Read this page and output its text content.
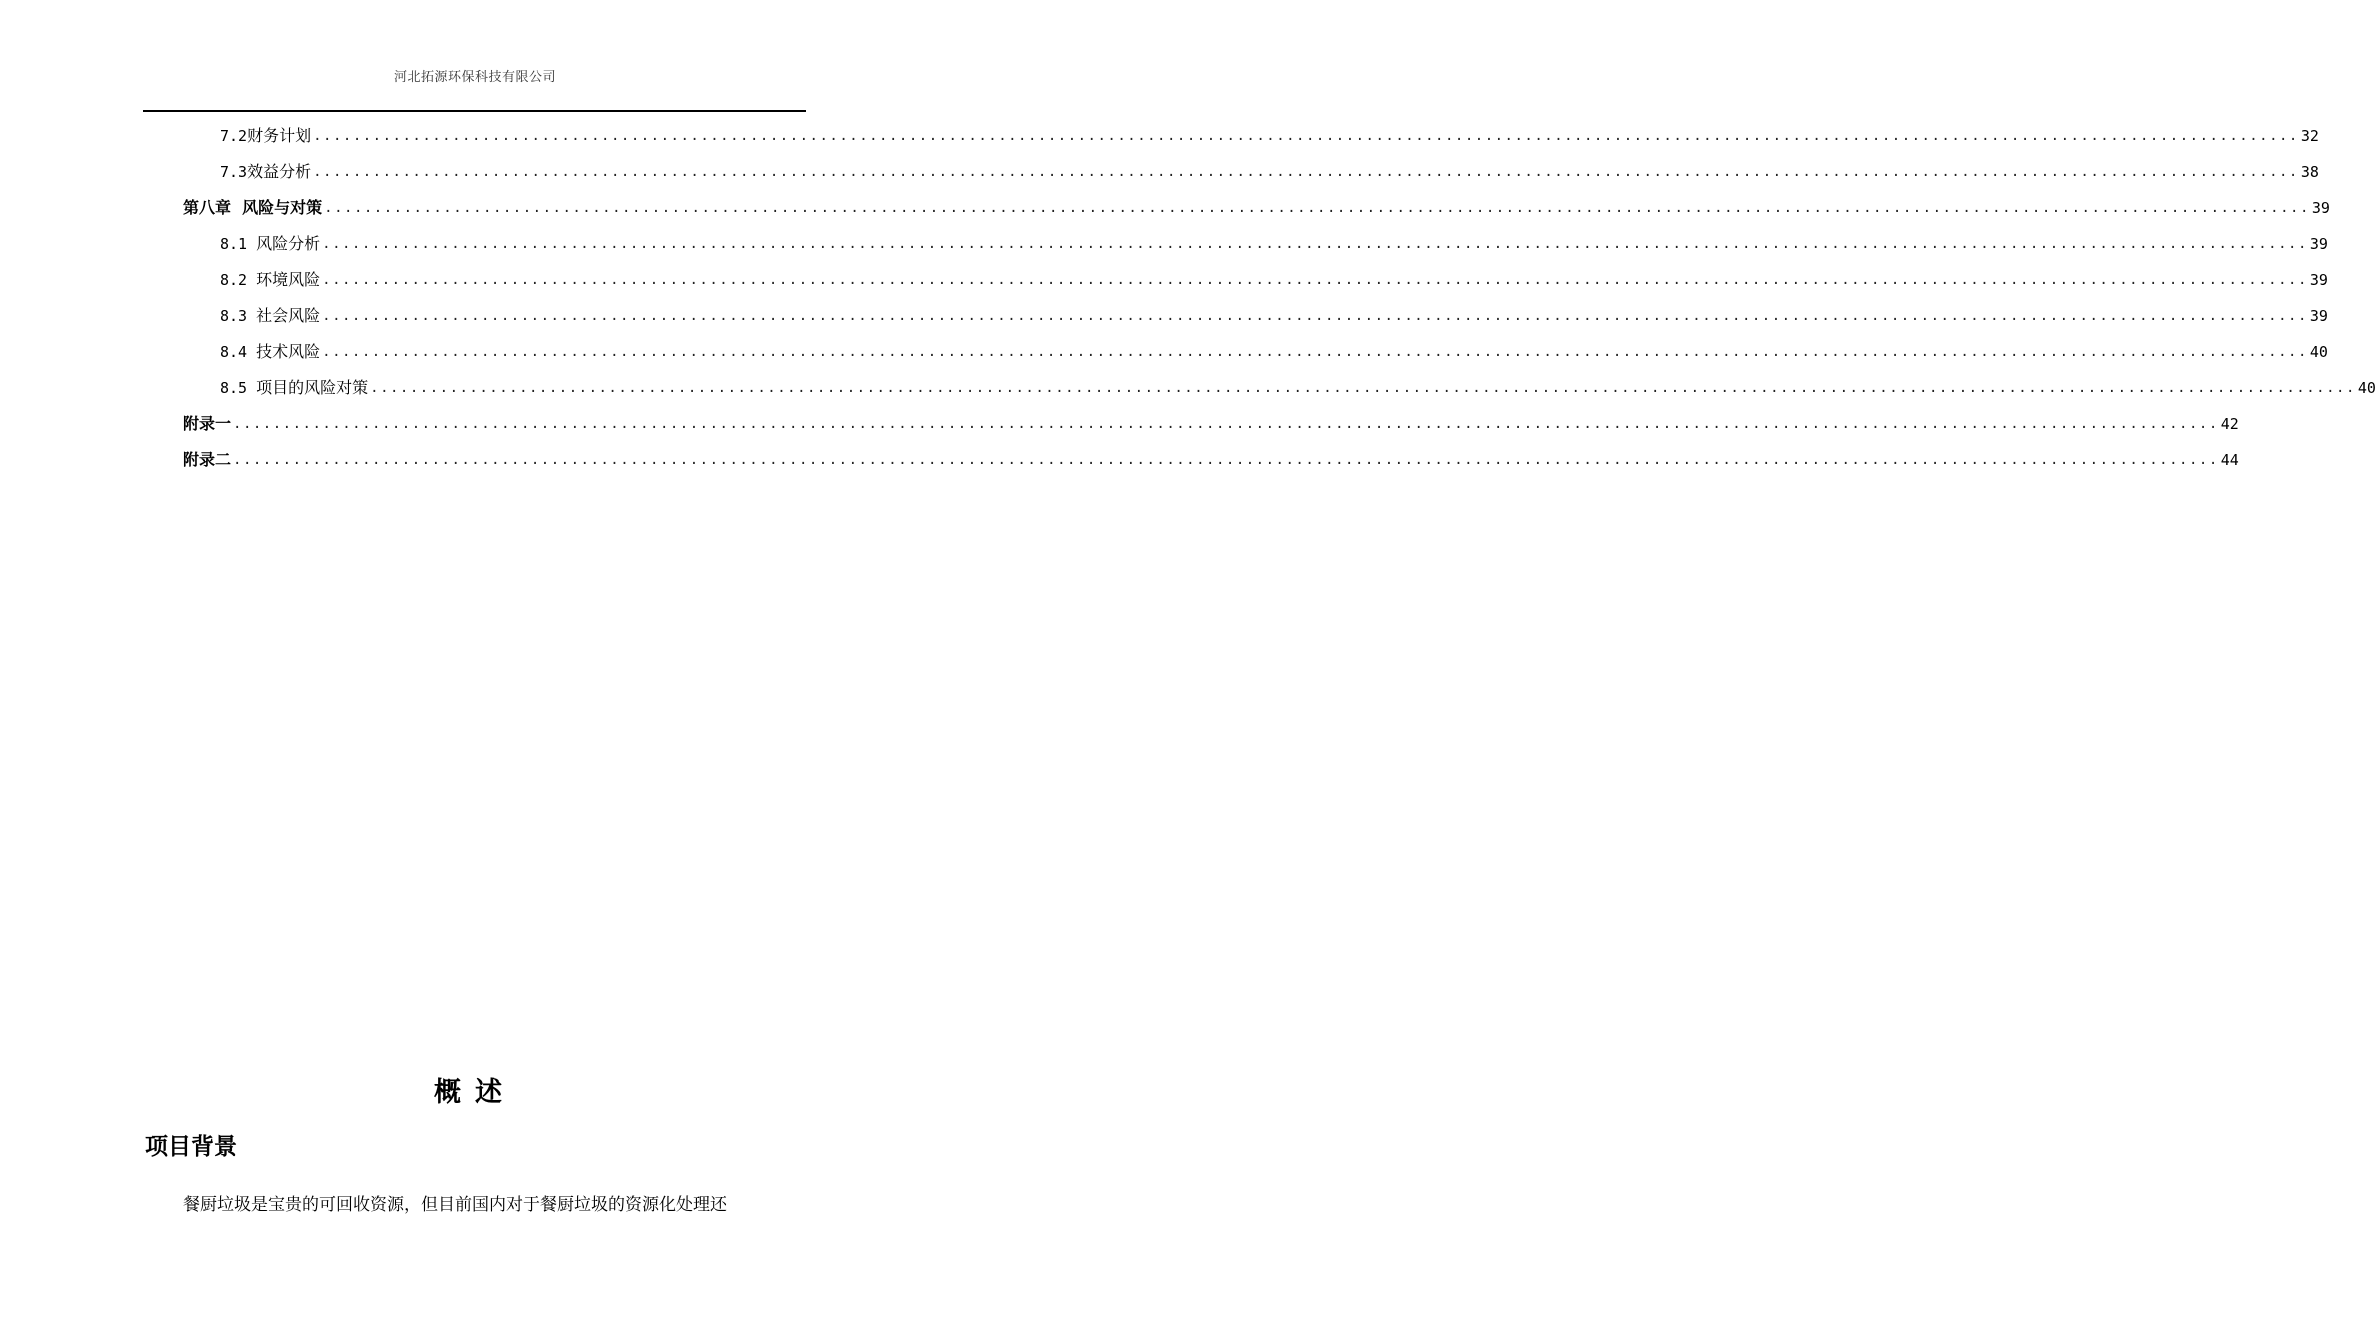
河北拓源环保科技有限公司
7.2 财务计划 ........................................................................................................................................................................................................ 32
7.3 效益分析 ........................................................................................................................................................................................................ 38
第八章  风险与对策 ........................................................................................................................................................................................................ 39
8.1 风险分析 ........................................................................................................................................................................................................ 39
8.2 环境风险 ........................................................................................................................................................................................................ 39
8.3 社会风险 ........................................................................................................................................................................................................ 39
8.4 技术风险 ........................................................................................................................................................................................................ 40
8.5 项目的风险对策 ........................................................................................................................................................................................................ 40
附录一 ........................................................................................................................................................................................................ 42
附录二 ........................................................................................................................................................................................................ 44
概述
项目背景
餐厨垃圾是宝贵的可回收资源，但目前国内对于餐厨垃圾的资源化处理还
